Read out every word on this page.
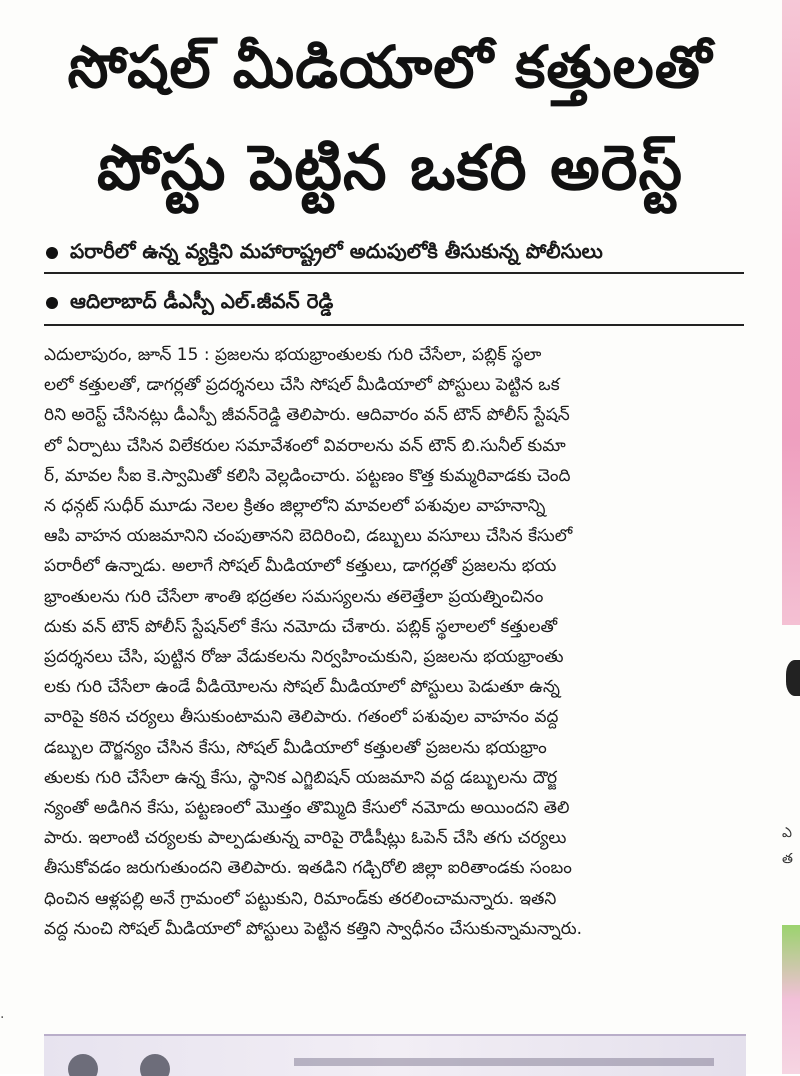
సోషల్ మీడియాలో కత్తులతో
పోస్టు పెట్టిన ఒకరి అరెస్ట్
పరారీలో ఉన్న వ్యక్తిని మహారాష్ట్రలో అదుపులోకి తీసుకున్న పోలీసులు
ఆదిలాబాద్ డీఎస్పీ ఎల్.జీవన్ రెడ్డి
ఎదులాపురం, జూన్ 15 : ప్రజలను భయభ్రాంతులకు గురి చేసేలా, పబ్లిక్ స్థలా
లలో కత్తులతో, డాగర్లతో ప్రదర్శనలు చేసి సోషల్ మీడియాలో పోస్టులు పెట్టిన ఒక
రిని అరెస్ట్ చేసినట్లు డీఎస్పీ జీవన్‌రెడ్డి తెలిపారు. ఆదివారం వన్ టౌన్ పోలీస్ స్టేషన్
లో ఏర్పాటు చేసిన విలేకరుల సమావేశంలో వివరాలను వన్ టౌన్ బి.సునీల్ కుమా
ర్, మావల సీఐ కె.స్వామితో కలిసి వెల్లడించారు. పట్టణం కొత్త కుమ్మరివాడకు చెంది
న ధన్గట్ సుధీర్ మూడు నెలల క్రితం జిల్లాలోని మావలలో పశువుల వాహనాన్ని
ఆపి వాహన యజమానిని చంపుతానని బెదిరించి, డబ్బులు వసూలు చేసిన కేసులో
పరారీలో ఉన్నాడు. అలాగే సోషల్ మీడియాలో కత్తులు, డాగర్లతో ప్రజలను భయ
భ్రాంతులను గురి చేసేలా శాంతి భద్రతల సమస్యలను తలెత్తేలా ప్రయత్నించినం
దుకు వన్ టౌన్ పోలీస్ స్టేషన్‌లో కేసు నమోదు చేశారు. పబ్లిక్ స్థలాలలో కత్తులతో
ప్రదర్శనలు చేసి, పుట్టిన రోజు వేడుకలను నిర్వహించుకుని, ప్రజలను భయభ్రాంతు
లకు గురి చేసేలా ఉండే వీడియోలను సోషల్ మీడియాలో పోస్టులు పెడుతూ ఉన్న
వారిపై కఠిన చర్యలు తీసుకుంటామని తెలిపారు. గతంలో పశువుల వాహనం వద్ద
డబ్బుల దౌర్జన్యం చేసిన కేసు, సోషల్ మీడియాలో కత్తులతో ప్రజలను భయభ్రాం
తులకు గురి చేసేలా ఉన్న కేసు, స్థానిక ఎగ్జిబిషన్ యజమాని వద్ద డబ్బులను దౌర్జ
న్యంతో అడిగిన కేసు, పట్టణంలో మొత్తం తొమ్మిది కేసులో నమోదు అయిందని తెలి
పారు. ఇలాంటి చర్యలకు పాల్పడుతున్న వారిపై రౌడీషీట్లు ఓపెన్ చేసి తగు చర్యలు
తీసుకోవడం జరుగుతుందని తెలిపారు. ఇతడిని గడ్చిరోలి జిల్లా ఐరితాండకు సంబం
ధించిన ఆళ్లపల్లి అనే గ్రామంలో పట్టుకుని, రిమాండ్‌కు తరలించామన్నారు. ఇతని
వద్ద నుంచి సోషల్ మీడియాలో పోస్టులు పెట్టిన కత్తిని స్వాధీనం చేసుకున్నామన్నారు.
ఎ
త
·
